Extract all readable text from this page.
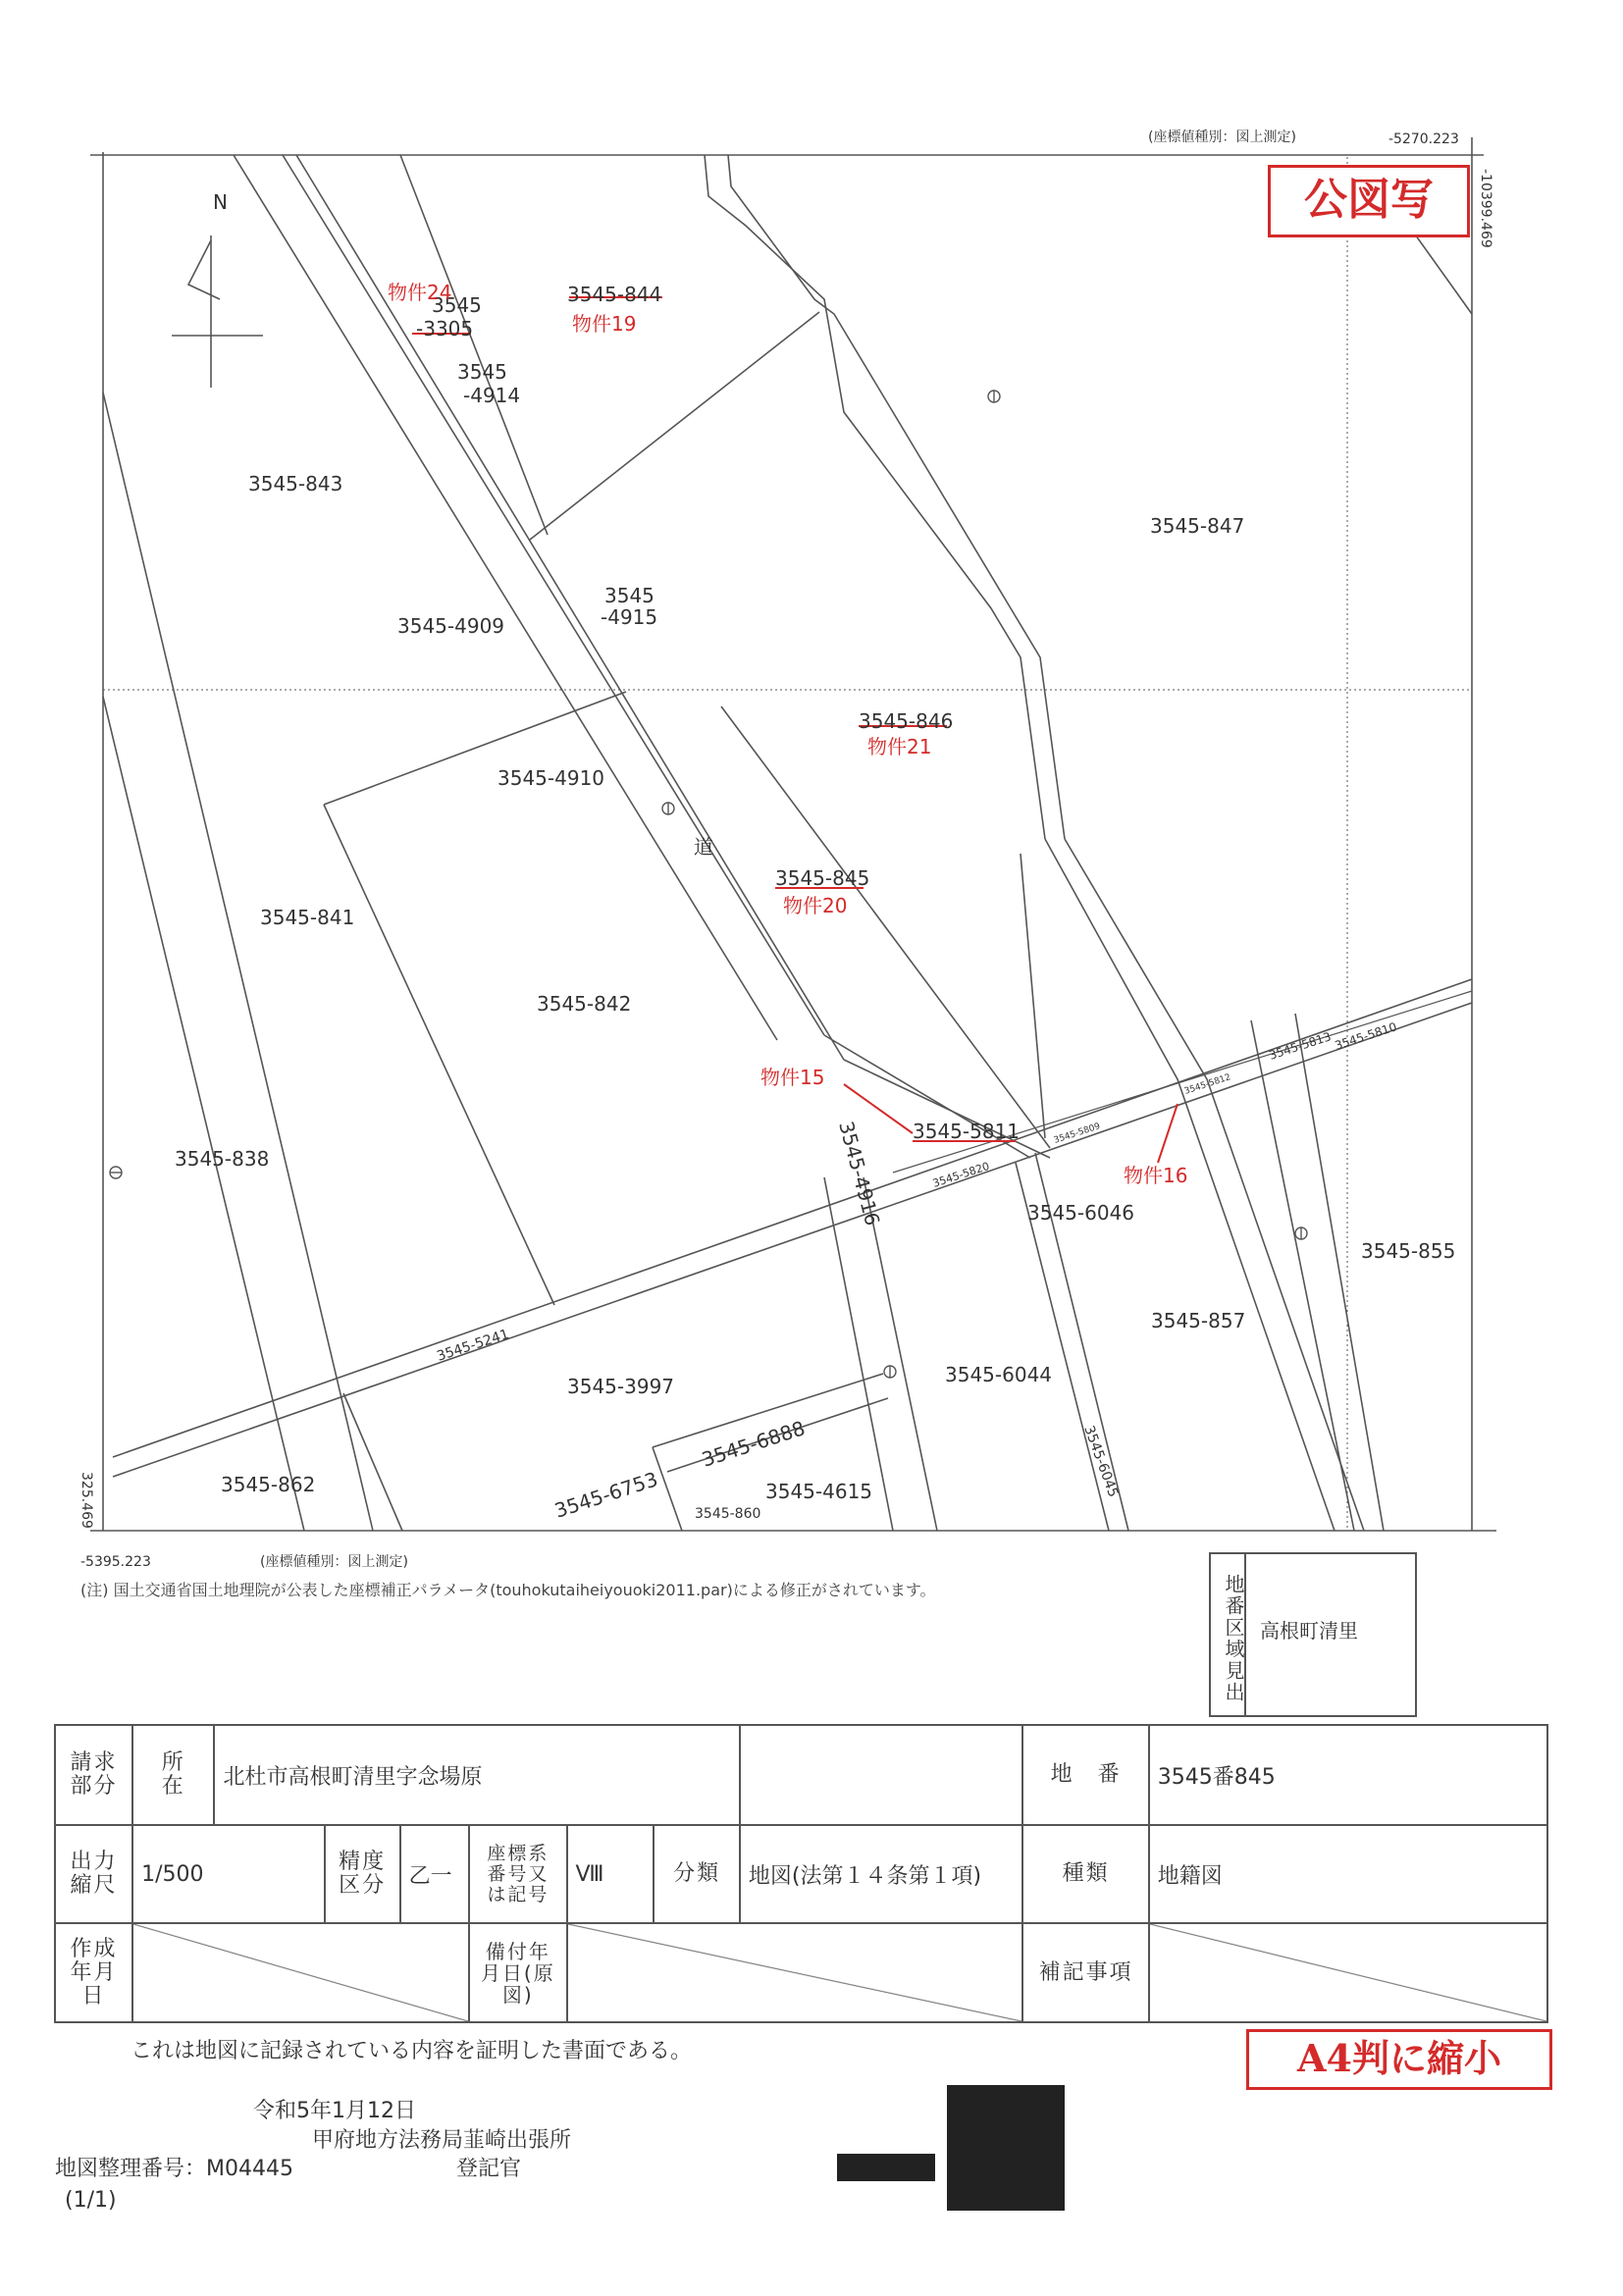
N
3545-844
3545-843
3545-847
3545
-4914
3545
-4915
3545-4909
3545-846
3545-4910
3545-845
3545-841
3545-842
3545-5811
3545-838
3545-6046
3545-855
3545-857
3545-3997	3545-6044
3545-862	3545-4615
3545
-3305
道
3545-860
3545-5241
3545-6888
3545-6753
3545-4916
3545-6045
3545-5813 3545-5810
3545-5820
3545-5809
3545-5812
物件24
物件19
物件21
物件20
物件15
物件16
-5270.223
-10399.469
325.469
-5395.223	(座標値種別：図上測定)
(座標値種別：図上測定)
公図写
(注) 国土交通省国土地理院が公表した座標補正パラメータ(touhokutaiheiyouoki2011.par)による修正がされています。	地番区域見出 高根町清里
請求部分	所　在	北杜市高根町清里字念場原							地　番	3545番845
出力縮尺	1/500		精度区分	乙一	座標系番号又は記号	Ⅷ	分類	地図(法第１４条第１項)	種類	地籍図
作成年月日					備付年月日(原図)				補記事項	
これは地図に記録されている内容を証明した書面である。	A4判に縮小
令和5年1月12日
甲府地方法務局韮崎出張所
地図整理番号：M04445	登記官
(1/1)
